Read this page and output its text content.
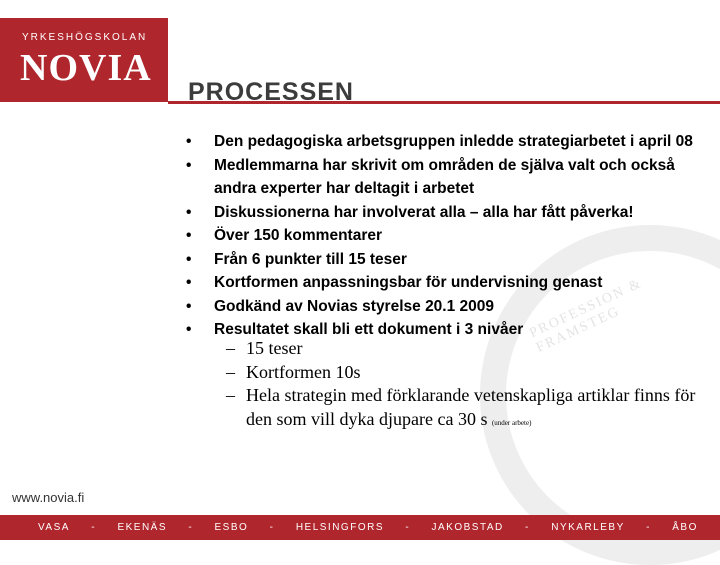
YRKESHÖGSKOLAN
NOVIA
PROFESSION & FRAMSTEG
PROCESSEN
• Den pedagogiska arbetsgruppen inledde strategiarbetet i april 08
• Medlemmarna har skrivit om områden de själva valt och också andra experter har deltagit i arbetet
• Diskussionerna har involverat alla – alla har fått påverka!
• Över 150 kommentarer
• Från 6 punkter till 15 teser
• Kortformen anpassningsbar för undervisning genast
• Godkänd av Novias styrelse 20.1 2009
• Resultatet skall bli ett dokument i 3 nivåer
– 15 teser
– Kortformen 10s
– Hela strategin med förklarande vetenskapliga artiklar finns för den som vill dyka djupare ca 30 s (under arbete)
www.novia.fi
VASA - EKENÄS - ESBO - HELSINGFORS - JAKOBSTAD - NYKARLEBY - ÅBO
